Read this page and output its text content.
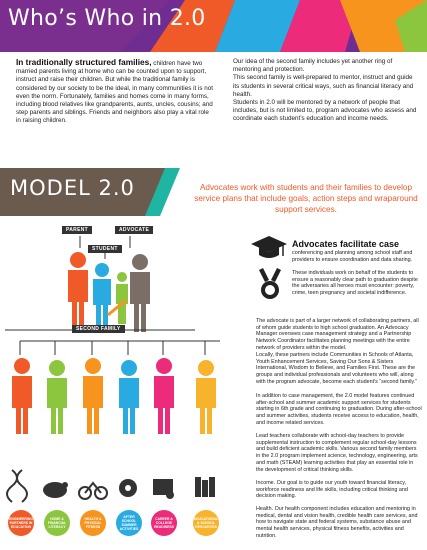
Who’s Who in 2.0
In traditionally structured families, children have two married parents living at home who can be counted upon to support, instruct and raise their children. But while the traditional family is considered by our society to be the ideal, in many communities it is not even the norm. Fortunately, families and homes come in many forms, including blood relatives like grandparents, aunts, uncles, cousins; and step parents and siblings. Friends and neighbors also play a vital role in raising children.

Our idea of the second family includes yet another ring of mentoring and protection.

This second family is well-prepared to mentor, instruct and guide its students in several critical ways, such as financial literacy and health.

Students in 2.0 will be mentored by a network of people that includes, but is not limited to, program advocates who assess and coordinate each student’s education and income needs.

MODEL 2.0	Advocates work with students and their families to develop service plans that include goals, action steps and wraparound support services.
PARENT	ADVOCATE
STUDENT
SECOND FAMILY
ENGINEERING PARTNERS IN EDUCATION
HOME & FINANCIAL LITERACY
HEALTH & PHYSICAL FITNESS
AFTER SCHOOL SUMMER ACTIVITIES
CAREER & COLLEGE READINESS
EDUCATIONAL & SCHOOL RESOURCES
Advocates facilitate case
conferencing and planning among school staff and providers to ensure coordination and data sharing.
These individuals work on behalf of the students to ensure a reasonably clear path to graduation despite the adversaries all heroes must encounter: poverty, crime, teen pregnancy and societal indifference.

The advocate is part of a larger network of collaborating partners, all of whom guide students to high school graduation. An Advocacy Manager oversees case management strategy and a Partnership Network Coordinator facilitates planning meetings with the entire network of providers within the model.

Locally, these partners include Communities in Schools of Atlanta, Youth Enhancement Services, Saving Our Sons & Sisters International, Wisdom to Believe, and Families First. These are the groups and individual professionals and volunteers who will, along with the program advocate, become each student’s “second family.”

In addition to case management, the 2.0 model features continued after-school and summer academic support services for students starting in 6th grade and continuing to graduation. During after-school and summer activities, students receive access to education, health, and income related services.

Lead teachers collaborate with school-day teachers to provide supplemental instruction to complement regular school-day lessons and build deficient academic skills. Various second family members in the 2.0 program implement science, technology, engineering, arts and math (STEAM) learning activities that play an essential role in the development of critical thinking skills.

Income. Our goal is to guide our youth toward financial literacy, workforce readiness and life skills, including critical thinking and decision making.

Health. Our health component includes education and mentoring in medical, dental and vision health, credible health care services, and how to navigate state and federal systems, substance abuse and mental health services, physical fitness benefits, activities and nutrition.
